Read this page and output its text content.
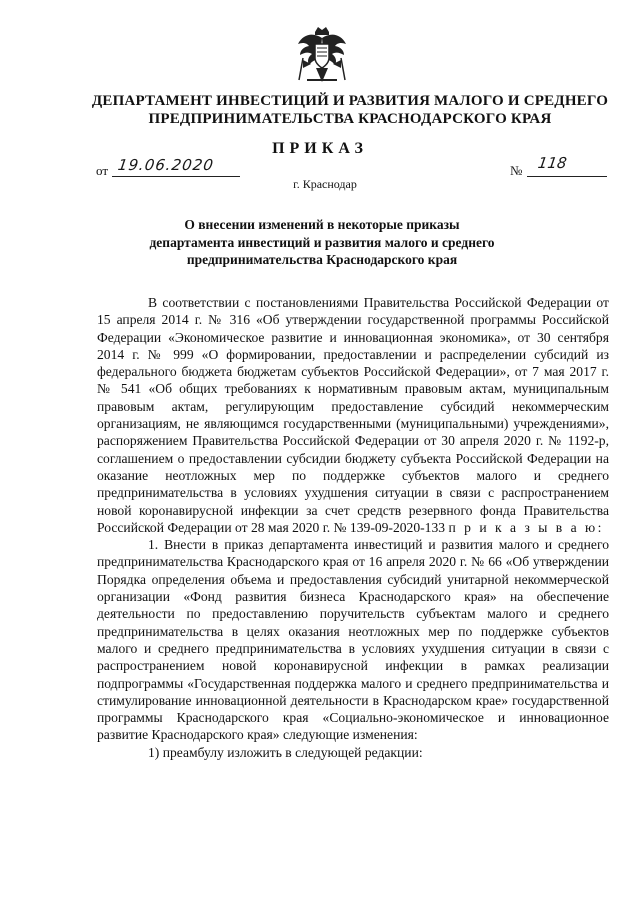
ДЕПАРТАМЕНТ ИНВЕСТИЦИЙ И РАЗВИТИЯ МАЛОГО И СРЕДНЕГО
ПРЕДПРИНИМАТЕЛЬСТВА КРАСНОДАРСКОГО КРАЯ
ПРИКАЗ
от 19.06.2020	№ 118
г. Краснодар
О внесении изменений в некоторые приказы
департамента инвестиций и развития малого и среднего
предпринимательства Краснодарского края

В соответствии с постановлениями Правительства Российской Федерации от 15 апреля 2014 г. № 316 «Об утверждении государственной программы Российской Федерации «Экономическое развитие и инновационная экономика», от 30 сентября 2014 г. № 999 «О формировании, предоставлении и распределении субсидий из федерального бюджета бюджетам субъектов Российской Федерации», от 7 мая 2017 г. № 541 «Об общих требованиях к нормативным правовым актам, муниципальным правовым актам, регулирующим предоставление субсидий некоммерческим организациям, не являющимся государственными (муниципальными) учреждениями», распоряжением Правительства Российской Федерации от 30 апреля 2020 г. № 1192-р, соглашением о предоставлении субсидии бюджету субъекта Российской Федерации на оказание неотложных мер по поддержке субъектов малого и среднего предпринимательства в условиях ухудшения ситуации в связи с распространением новой коронавирусной инфекции за счет средств резервного фонда Правительства Российской Федерации от 28 мая 2020 г. № 139-09-2020-133 п р и к а з ы в а ю:

1. Внести в приказ департамента инвестиций и развития малого и среднего предпринимательства Краснодарского края от 16 апреля 2020 г. № 66 «Об утверждении Порядка определения объема и предоставления субсидий унитарной некоммерческой организации «Фонд развития бизнеса Краснодарского края» на обеспечение деятельности по предоставлению поручительств субъектам малого и среднего предпринимательства в целях оказания неотложных мер по поддержке субъектов малого и среднего предпринимательства в условиях ухудшения ситуации в связи с распространением новой коронавирусной инфекции в рамках реализации подпрограммы «Государственная поддержка малого и среднего предпринимательства и стимулирование инновационной деятельности в Краснодарском крае» государственной программы Краснодарского края «Социально-экономическое и инновационное развитие Краснодарского края» следующие изменения:

1) преамбулу изложить в следующей редакции:
